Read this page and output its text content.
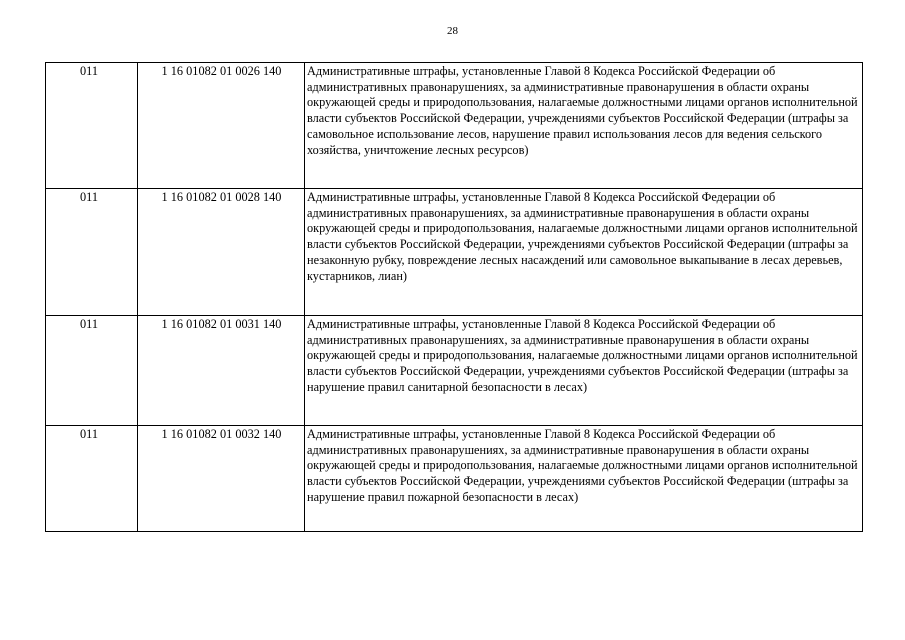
28
011	1 16 01082 01 0026 140	Административные штрафы, установленные Главой 8 Кодекса Российской Федерации об административных правонарушениях, за административные правонарушения в области охраны окружающей среды и природопользования, налагаемые должностными лицами органов исполнительной власти субъектов Российской Федерации, учреждениями субъектов Российской Федерации (штрафы за самовольное использование лесов, нарушение правил использования лесов для ведения сельского хозяйства, уничтожение лесных ресурсов)
011	1 16 01082 01 0028 140	Административные штрафы, установленные Главой 8 Кодекса Российской Федерации об административных правонарушениях, за административные правонарушения в области охраны окружающей среды и природопользования, налагаемые должностными лицами органов исполнительной власти субъектов Российской Федерации, учреждениями субъектов Российской Федерации (штрафы за незаконную рубку, повреждение лесных насаждений или самовольное выкапывание в лесах деревьев, кустарников, лиан)
011	1 16 01082 01 0031 140	Административные штрафы, установленные Главой 8 Кодекса Российской Федерации об административных правонарушениях, за административные правонарушения в области охраны окружающей среды и природопользования, налагаемые должностными лицами органов исполнительной власти субъектов Российской Федерации, учреждениями субъектов Российской Федерации (штрафы за нарушение правил санитарной безопасности в лесах)
011	1 16 01082 01 0032 140	Административные штрафы, установленные Главой 8 Кодекса Российской Федерации об административных правонарушениях, за административные правонарушения в области охраны окружающей среды и природопользования, налагаемые должностными лицами органов исполнительной власти субъектов Российской Федерации, учреждениями субъектов Российской Федерации (штрафы за нарушение правил пожарной безопасности в лесах)
